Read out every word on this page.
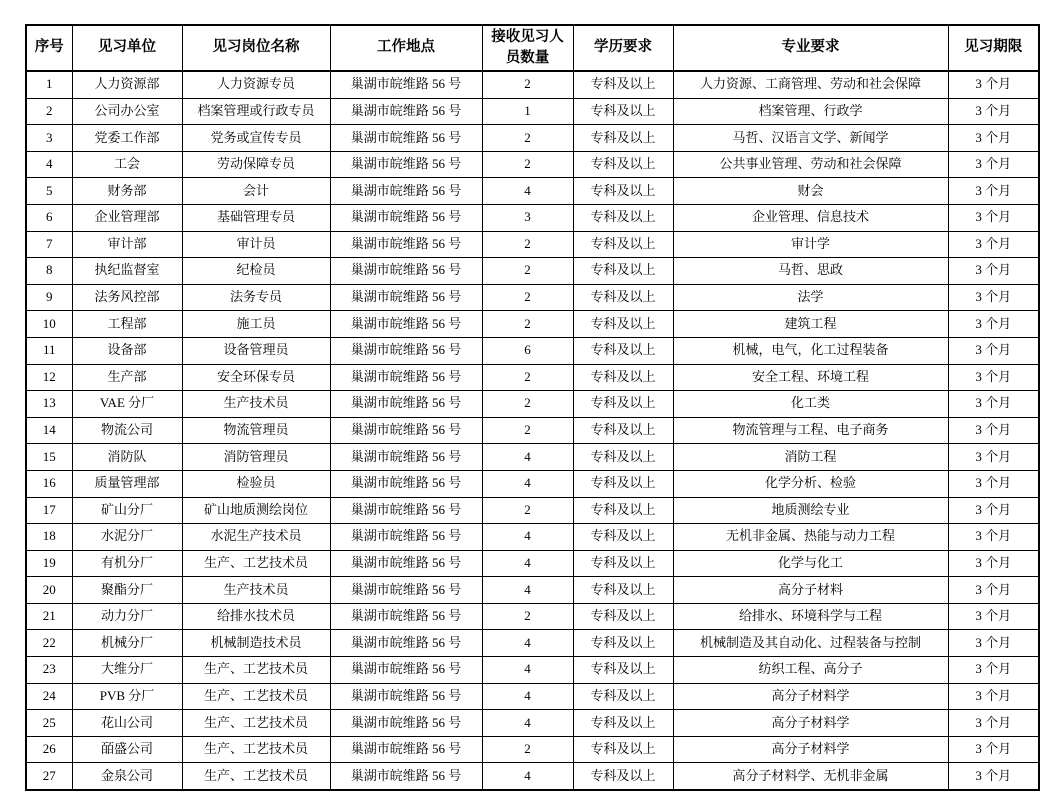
序号	见习单位	见习岗位名称	工作地点	接收见习人员数量	学历要求	专业要求	见习期限
1	人力资源部	人力资源专员	巢湖市皖维路 56 号	2	专科及以上	人力资源、工商管理、劳动和社会保障	3 个月
2	公司办公室	档案管理或行政专员	巢湖市皖维路 56 号	1	专科及以上	档案管理、行政学	3 个月
3	党委工作部	党务或宣传专员	巢湖市皖维路 56 号	2	专科及以上	马哲、汉语言文学、新闻学	3 个月
4	工会	劳动保障专员	巢湖市皖维路 56 号	2	专科及以上	公共事业管理、劳动和社会保障	3 个月
5	财务部	会计	巢湖市皖维路 56 号	4	专科及以上	财会	3 个月
6	企业管理部	基础管理专员	巢湖市皖维路 56 号	3	专科及以上	企业管理、信息技术	3 个月
7	审计部	审计员	巢湖市皖维路 56 号	2	专科及以上	审计学	3 个月
8	执纪监督室	纪检员	巢湖市皖维路 56 号	2	专科及以上	马哲、思政	3 个月
9	法务风控部	法务专员	巢湖市皖维路 56 号	2	专科及以上	法学	3 个月
10	工程部	施工员	巢湖市皖维路 56 号	2	专科及以上	建筑工程	3 个月
11	设备部	设备管理员	巢湖市皖维路 56 号	6	专科及以上	机械，电气，化工过程装备	3 个月
12	生产部	安全环保专员	巢湖市皖维路 56 号	2	专科及以上	安全工程、环境工程	3 个月
13	VAE 分厂	生产技术员	巢湖市皖维路 56 号	2	专科及以上	化工类	3 个月
14	物流公司	物流管理员	巢湖市皖维路 56 号	2	专科及以上	物流管理与工程、电子商务	3 个月
15	消防队	消防管理员	巢湖市皖维路 56 号	4	专科及以上	消防工程	3 个月
16	质量管理部	检验员	巢湖市皖维路 56 号	4	专科及以上	化学分析、检验	3 个月
17	矿山分厂	矿山地质测绘岗位	巢湖市皖维路 56 号	2	专科及以上	地质测绘专业	3 个月
18	水泥分厂	水泥生产技术员	巢湖市皖维路 56 号	4	专科及以上	无机非金属、热能与动力工程	3 个月
19	有机分厂	生产、工艺技术员	巢湖市皖维路 56 号	4	专科及以上	化学与化工	3 个月
20	聚酯分厂	生产技术员	巢湖市皖维路 56 号	4	专科及以上	高分子材料	3 个月
21	动力分厂	给排水技术员	巢湖市皖维路 56 号	2	专科及以上	给排水、环境科学与工程	3 个月
22	机械分厂	机械制造技术员	巢湖市皖维路 56 号	4	专科及以上	机械制造及其自动化、过程装备与控制	3 个月
23	大维分厂	生产、工艺技术员	巢湖市皖维路 56 号	4	专科及以上	纺织工程、高分子	3 个月
24	PVB 分厂	生产、工艺技术员	巢湖市皖维路 56 号	4	专科及以上	高分子材料学	3 个月
25	花山公司	生产、工艺技术员	巢湖市皖维路 56 号	4	专科及以上	高分子材料学	3 个月
26	皕盛公司	生产、工艺技术员	巢湖市皖维路 56 号	2	专科及以上	高分子材料学	3 个月
27	金泉公司	生产、工艺技术员	巢湖市皖维路 56 号	4	专科及以上	高分子材料学、无机非金属	3 个月
